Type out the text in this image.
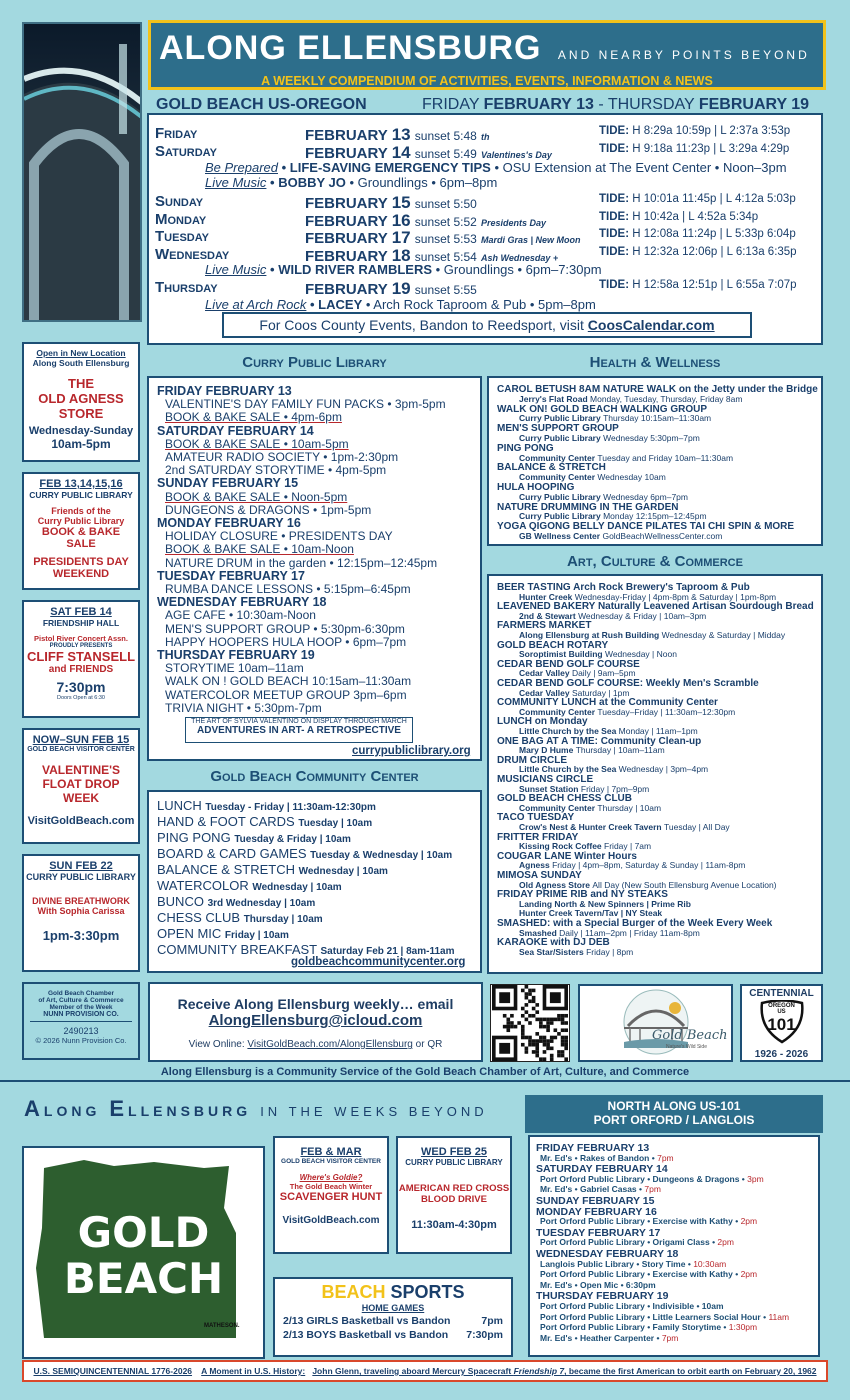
ALONG ELLENSBURG AND NEARBY POINTS BEYOND
A WEEKLY COMPENDIUM OF ACTIVITIES, EVENTS, INFORMATION & NEWS
GOLD BEACH US-OREGON	FRIDAY FEBRUARY 13 - THURSDAY FEBRUARY 19
Friday	FEBRUARY 13 sunset 5:48 th	TIDE: H 8:29a 10:59p | L 2:37a 3:53p
Saturday	FEBRUARY 14 sunset 5:49 Valentines's Day	TIDE: H 9:18a 11:23p | L 3:29a 4:29p
Sunday	FEBRUARY 15 sunset 5:50	TIDE: H 10:01a 11:45p | L 4:12a 5:03p
Monday	FEBRUARY 16 sunset 5:52 Presidents Day	TIDE: H 10:42a | L 4:52a 5:34p
Tuesday	FEBRUARY 17 sunset 5:53 Mardi Gras | New Moon TIDE: H 12:08a 11:24p | L 5:33p 6:04p
Wednesday	FEBRUARY 18 sunset 5:54 Ash Wednesday +	TIDE: H 12:32a 12:06p | L 6:13a 6:35p
Thursday	FEBRUARY 19 sunset 5:55	TIDE: H 12:58a 12:51p | L 6:55a 7:07p
Be Prepared • LIFE-SAVING EMERGENCY TIPS • OSU Extension at The Event Center • Noon–3pm
Live Music • BOBBY JO • Groundlings • 6pm–8pm
Live Music • WILD RIVER RAMBLERS • Groundlings • 6pm–7:30pm
Live at Arch Rock • LACEY • Arch Rock Taproom & Pub • 5pm–8pm
For Coos County Events, Bandon to Reedsport, visit CoosCalendar.com
Open in New Location
Along South Ellensburg
THE
OLD AGNESS
STORE
Wednesday-Sunday
10am-5pm
FEB 13,14,15,16
CURRY PUBLIC LIBRARY
Friends of the
Curry Public Library
BOOK & BAKE SALE
PRESIDENTS DAY
WEEKEND
SAT FEB 14
FRIENDSHIP HALL
Pistol River Concert Assn.
PROUDLY PRESENTS
CLIFF STANSELL
and FRIENDS
7:30pm
Doors Open at 6:30
NOW–SUN FEB 15
GOLD BEACH VISITOR CENTER
VALENTINE'S
FLOAT DROP WEEK
VisitGoldBeach.com
SUN FEB 22
CURRY PUBLIC LIBRARY
DIVINE BREATHWORK
With Sophia Carissa
1pm-3:30pm
Curry Public Library
FRIDAY FEBRUARY 13
VALENTINE'S DAY FAMILY FUN PACKS • 3pm-5pm
BOOK & BAKE SALE • 4pm-6pm
SATURDAY FEBRUARY 14
BOOK & BAKE SALE • 10am-5pm
AMATEUR RADIO SOCIETY • 1pm-2:30pm
2nd SATURDAY STORYTIME • 4pm-5pm
SUNDAY FEBRUARY 15
BOOK & BAKE SALE • Noon-5pm
DUNGEONS & DRAGONS • 1pm-5pm
MONDAY FEBRUARY 16
HOLIDAY CLOSURE • PRESIDENTS DAY
BOOK & BAKE SALE • 10am-Noon
NATURE DRUM in the garden • 12:15pm–12:45pm
TUESDAY FEBRUARY 17
RUMBA DANCE LESSONS • 5:15pm–6:45pm
WEDNESDAY FEBRUARY 18
AGE CAFE • 10:30am-Noon
MEN'S SUPPORT GROUP • 5:30pm-6:30pm
HAPPY HOOPERS HULA HOOP • 6pm–7pm
THURSDAY FEBRUARY 19
STORYTIME 10am–11am
WALK ON ! GOLD BEACH 10:15am–11:30am
WATERCOLOR MEETUP GROUP 3pm–6pm
TRIVIA NIGHT • 5:30pm-7pm
THE ART OF SYLVIA VALENTINO ON DISPLAY THROUGH MARCH
ADVENTURES IN ART- A RETROSPECTIVE
currypubliclibrary.org
Gold Beach Community Center
LUNCH Tuesday - Friday | 11:30am-12:30pm
HAND & FOOT CARDS Tuesday | 10am
PING PONG Tuesday & Friday | 10am
BOARD & CARD GAMES Tuesday & Wednesday | 10am
BALANCE & STRETCH Wednesday | 10am
WATERCOLOR Wednesday | 10am
BUNCO 3rd Wednesday | 10am
CHESS CLUB Thursday | 10am
OPEN MIC Friday | 10am
COMMUNITY BREAKFAST Saturday Feb 21 | 8am-11am
goldbeachcommunitycenter.org
Health & Wellness
CAROL BETUSH 8AM NATURE WALK on the Jetty under the Bridge
Jerry's Flat Road Monday, Tuesday, Thursday, Friday 8am
WALK ON! GOLD BEACH WALKING GROUP
Curry Public Library Thursday 10:15am–11:30am
MEN'S SUPPORT GROUP
Curry Public Library Wednesday 5:30pm–7pm
PING PONG
Community Center Tuesday and Friday 10am–11:30am
BALANCE & STRETCH
Community Center Wednesday 10am
HULA HOOPING
Curry Public Library Wednesday 6pm–7pm
NATURE DRUMMING IN THE GARDEN
Curry Public Library Monday 12:15pm–12:45pm
YOGA QIGONG BELLY DANCE PILATES TAI CHI SPIN & MORE
GB Wellness Center GoldBeachWellnessCenter.com
Art, Culture & Commerce
BEER TASTING Arch Rock Brewery's Taproom & Pub
Hunter Creek Wednesday-Friday | 4pm-8pm & Saturday | 1pm-8pm
LEAVENED BAKERY Naturally Leavened Artisan Sourdough Bread
2nd & Stewart Wednesday & Friday | 10am–3pm
FARMERS MARKET
Along Ellensburg at Rush Building Wednesday & Saturday | Midday
GOLD BEACH ROTARY
Soroptimist Building Wednesday | Noon
CEDAR BEND GOLF COURSE
Cedar Valley Daily | 9am–5pm
CEDAR BEND GOLF COURSE: Weekly Men's Scramble
Cedar Valley Saturday | 1pm
COMMUNITY LUNCH at the Community Center
Community Center Tuesday–Friday | 11:30am–12:30pm
LUNCH on Monday
Little Church by the Sea Monday | 11am–1pm
ONE BAG AT A TIME: Community Clean-up
Mary D Hume Thursday | 10am–11am
DRUM CIRCLE
Little Church by the Sea Wednesday | 3pm–4pm
MUSICIANS CIRCLE
Sunset Station Friday | 7pm–9pm
GOLD BEACH CHESS CLUB
Community Center Thursday | 10am
TACO TUESDAY
Crow's Nest & Hunter Creek Tavern Tuesday | All Day
FRITTER FRIDAY
Kissing Rock Coffee Friday | 7am
COUGAR LANE Winter Hours
Agness Friday | 4pm–8pm, Saturday & Sunday | 11am-8pm
MIMOSA SUNDAY
Old Agness Store All Day (New South Ellensburg Avenue Location)
FRIDAY PRIME RIB and NY STEAKS
Landing North & New Spinners | Prime Rib
Hunter Creek Tavern/Tav | NY Steak
SMASHED: with a Special Burger of the Week Every Week
Smashed Daily | 11am–2pm | Friday 11am-8pm
KARAOKE with DJ DEB
Sea Star/Sisters Friday | 8pm
Gold Beach Chamber
of Art, Culture & Commerce
Member of the Week
NUNN PROVISION CO.
2490213
© 2026 Nunn Provision Co.
Receive Along Ellensburg weekly… email
AlongEllensburg@icloud.com
View Online: VisitGoldBeach.com/AlongEllensburg or QR
Gold Beach
Nature's Wild Side
CENTENNIAL
OREGON
US
101
1926 - 2026
Along Ellensburg is a Community Service of the Gold Beach Chamber of Art, Culture, and Commerce
ALONG ELLENSBURG IN THE WEEKS BEYOND
GOLD
BEACH
MATHESON.
FEB & MAR
GOLD BEACH VISITOR CENTER
Where's Goldie?
The Gold Beach Winter
SCAVENGER HUNT
VisitGoldBeach.com
WED FEB 25
CURRY PUBLIC LIBRARY
AMERICAN RED CROSS
BLOOD DRIVE
11:30am-4:30pm
BEACH SPORTS
HOME GAMES
2/13 GIRLS Basketball vs Bandon	7pm
2/13 BOYS Basketball vs Bandon 7:30pm
NORTH ALONG US-101
PORT ORFORD / LANGLOIS
FRIDAY FEBRUARY 13
Mr. Ed's • Rakes of Bandon • 7pm
SATURDAY FEBRUARY 14
Port Orford Public Library • Dungeons & Dragons • 3pm
Mr. Ed's • Gabriel Casas • 7pm
SUNDAY FEBRUARY 15
MONDAY FEBRUARY 16
Port Orford Public Library • Exercise with Kathy • 2pm
TUESDAY FEBRUARY 17
Port Orford Public Library • Origami Class • 2pm
WEDNESDAY FEBRUARY 18
Langlois Public Library • Story Time • 10:30am
Port Orford Public Library • Exercise with Kathy • 2pm
Mr. Ed's • Open Mic • 6:30pm
THURSDAY FEBRUARY 19
Port Orford Public Library • Indivisible • 10am
Port Orford Public Library • Little Learners Social Hour • 11am
Port Orford Public Library • Family Storytime • 1:30pm
Mr. Ed's • Heather Carpenter • 7pm
U.S. SEMIQUINCENTENNIAL 1776-2026 A Moment in U.S. History: John Glenn, traveling aboard Mercury Spacecraft Friendship 7, became the first American to orbit earth on February 20, 1962
